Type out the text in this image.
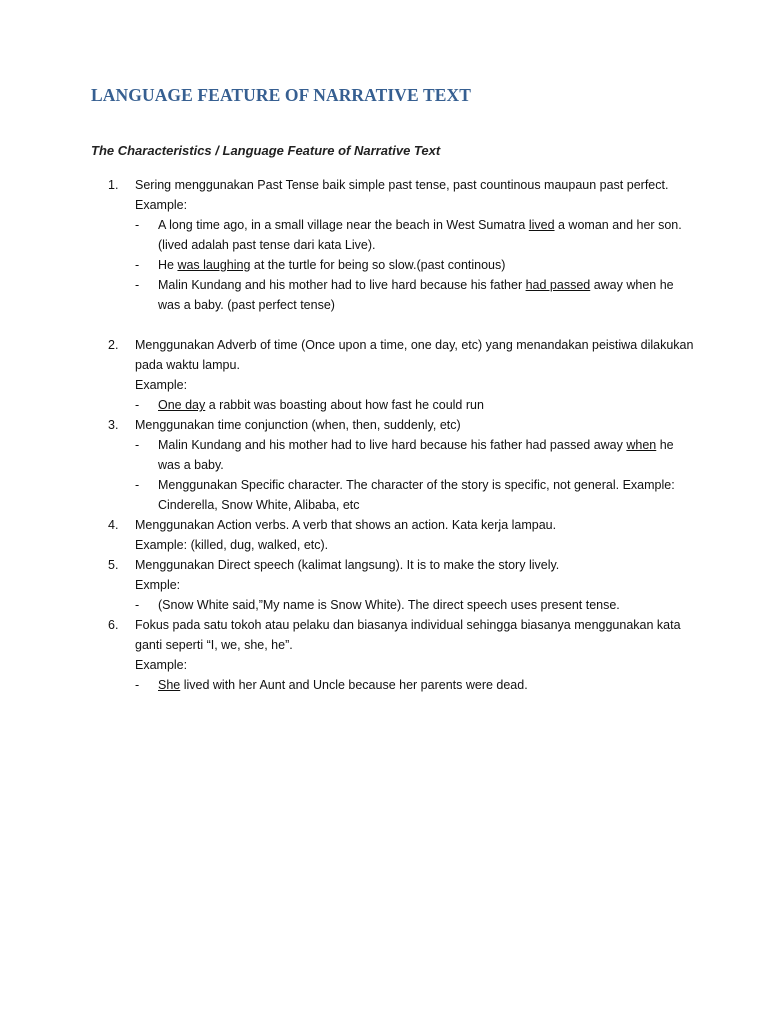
LANGUAGE FEATURE OF NARRATIVE TEXT

The Characteristics / Language Feature of Narrative Text

1. Sering menggunakan Past Tense baik simple past tense, past countinous maupaun past perfect.
Example:
- A long time ago, in a small village near the beach in West Sumatra lived a woman and her son. (lived adalah past tense dari kata Live).
- He was laughing at the turtle for being so slow.(past continous)
- Malin Kundang and his mother had to live hard because his father had passed away when he was a baby. (past perfect tense)
2. Menggunakan Adverb of time (Once upon a time, one day, etc) yang menandakan peistiwa dilakukan pada waktu lampu.
Example:
- One day a rabbit was boasting about how fast he could run
3. Menggunakan time conjunction (when, then, suddenly, etc)
- Malin Kundang and his mother had to live hard because his father had passed away when he was a baby.
- Menggunakan Specific character. The character of the story is specific, not general. Example: Cinderella, Snow White, Alibaba, etc
4. Menggunakan Action verbs. A verb that shows an action. Kata kerja lampau.
Example: (killed, dug, walked, etc).
5. Menggunakan Direct speech (kalimat langsung). It is to make the story lively.
Exmple:
- (Snow White said,”My name is Snow White). The direct speech uses present tense.
6. Fokus pada satu tokoh atau pelaku dan biasanya individual sehingga biasanya menggunakan kata ganti seperti “I, we, she, he”.
Example:
- She lived with her Aunt and Uncle because her parents were dead.
